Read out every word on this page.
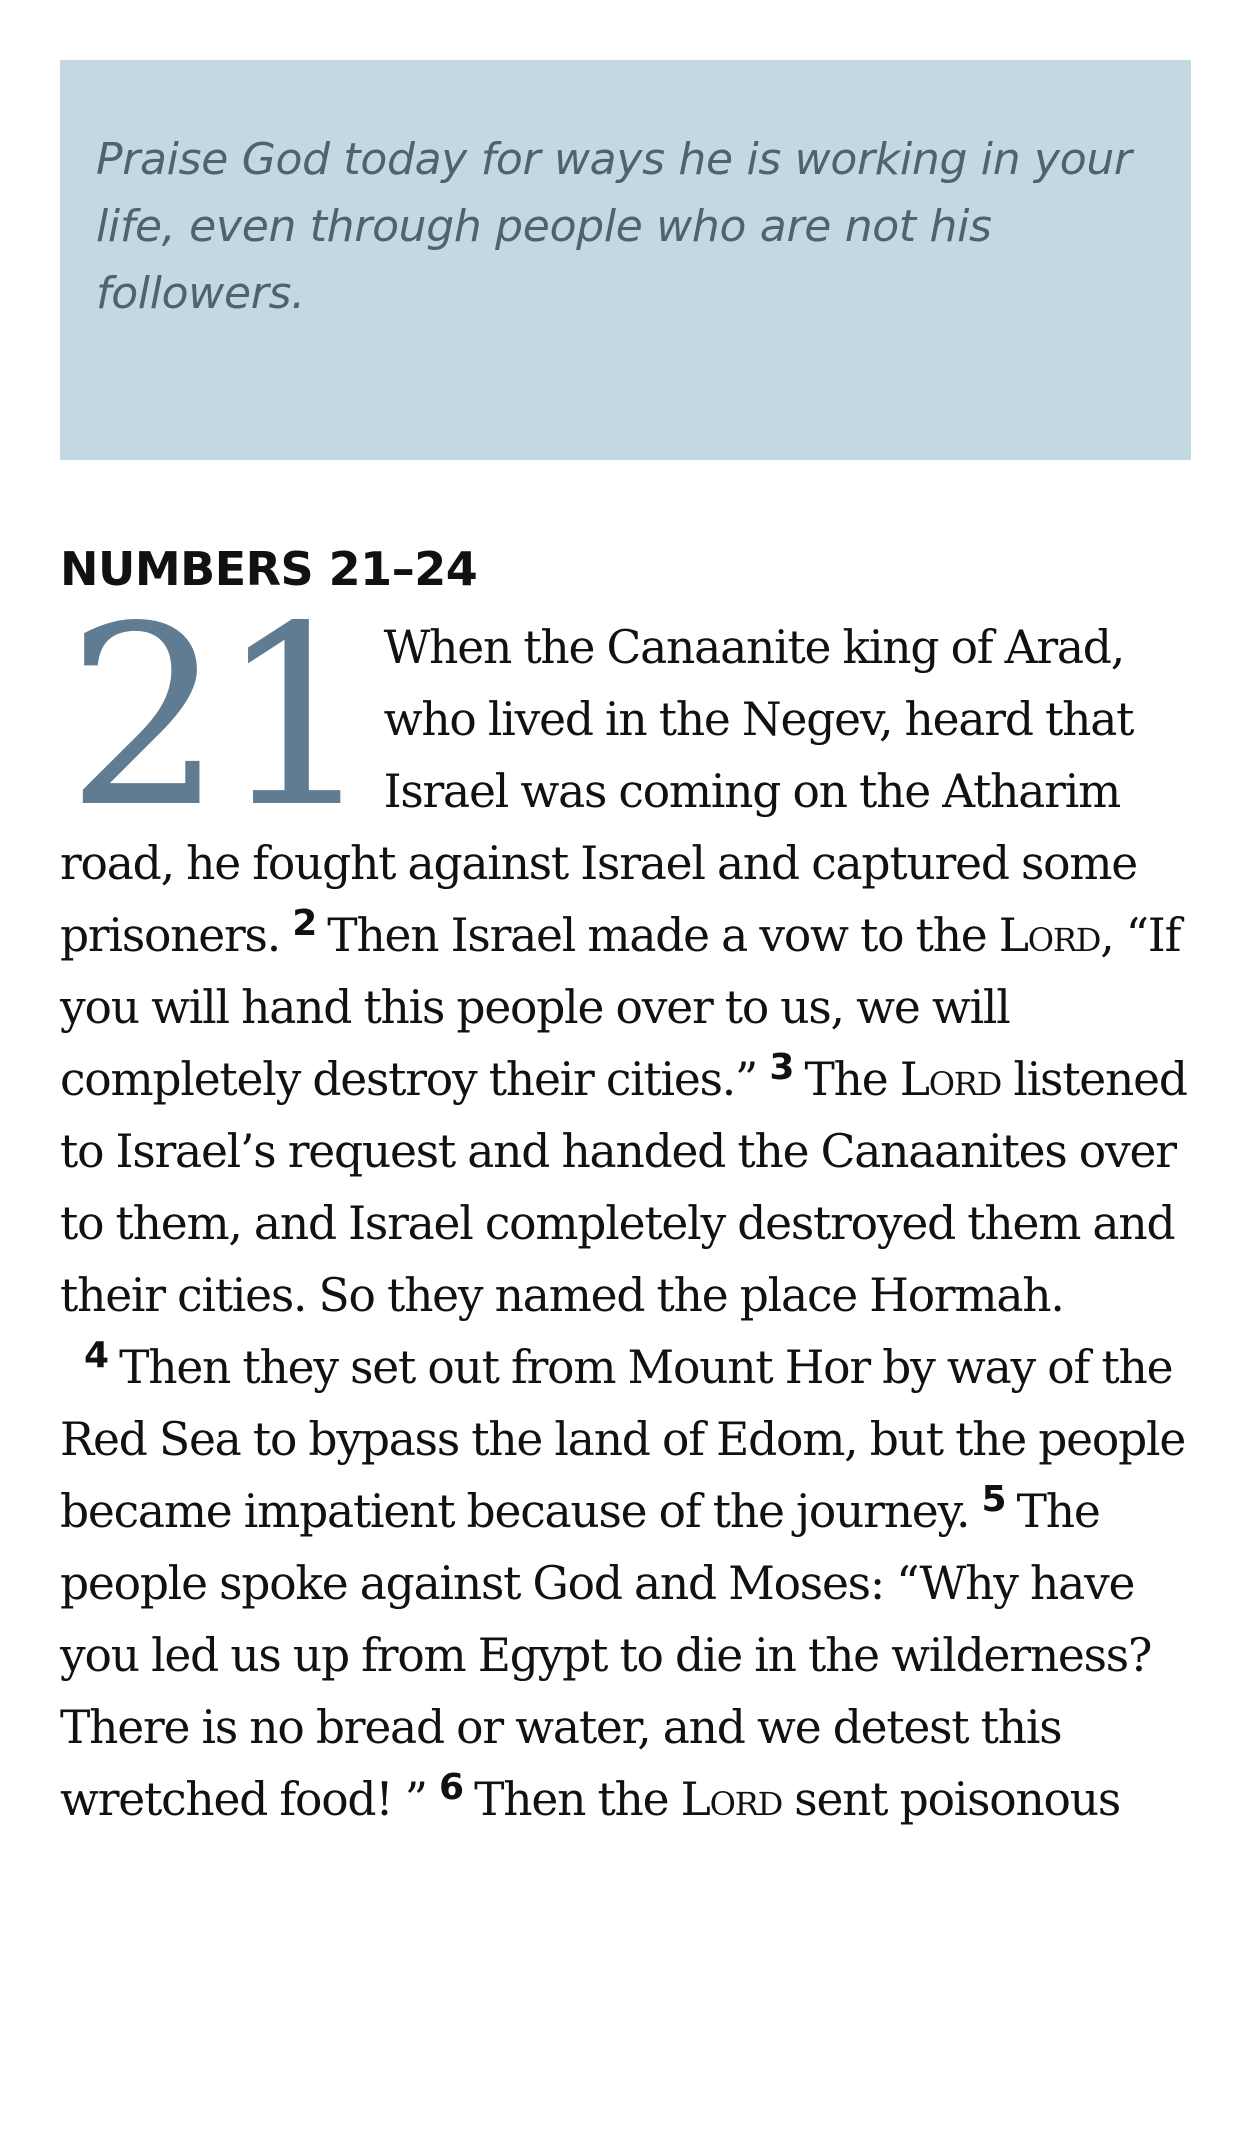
Praise God today for ways he is working in your life, even through people who are not his followers.

NUMBERS 21–24

21 When the Canaanite king of Arad, who lived in the Negev, heard that Israel was coming on the Atharim road, he fought against Israel and captured some prisoners. $^2$ Then Israel made a vow to the Lord, “If you will hand this people over to us, we will completely destroy their cities.” $^3$ The Lord listened to Israel’s request and handed the Canaanites over to them, and Israel completely destroyed them and their cities. So they named the place Hormah.

$^4$ Then they set out from Mount Hor by way of the Red Sea to bypass the land of Edom, but the people became impatient because of the journey. $^5$ The people spoke against God and Moses: “Why have you led us up from Egypt to die in the wilderness? There is no bread or water, and we detest this wretched food! ” $^6$ Then the Lord sent poisonous
